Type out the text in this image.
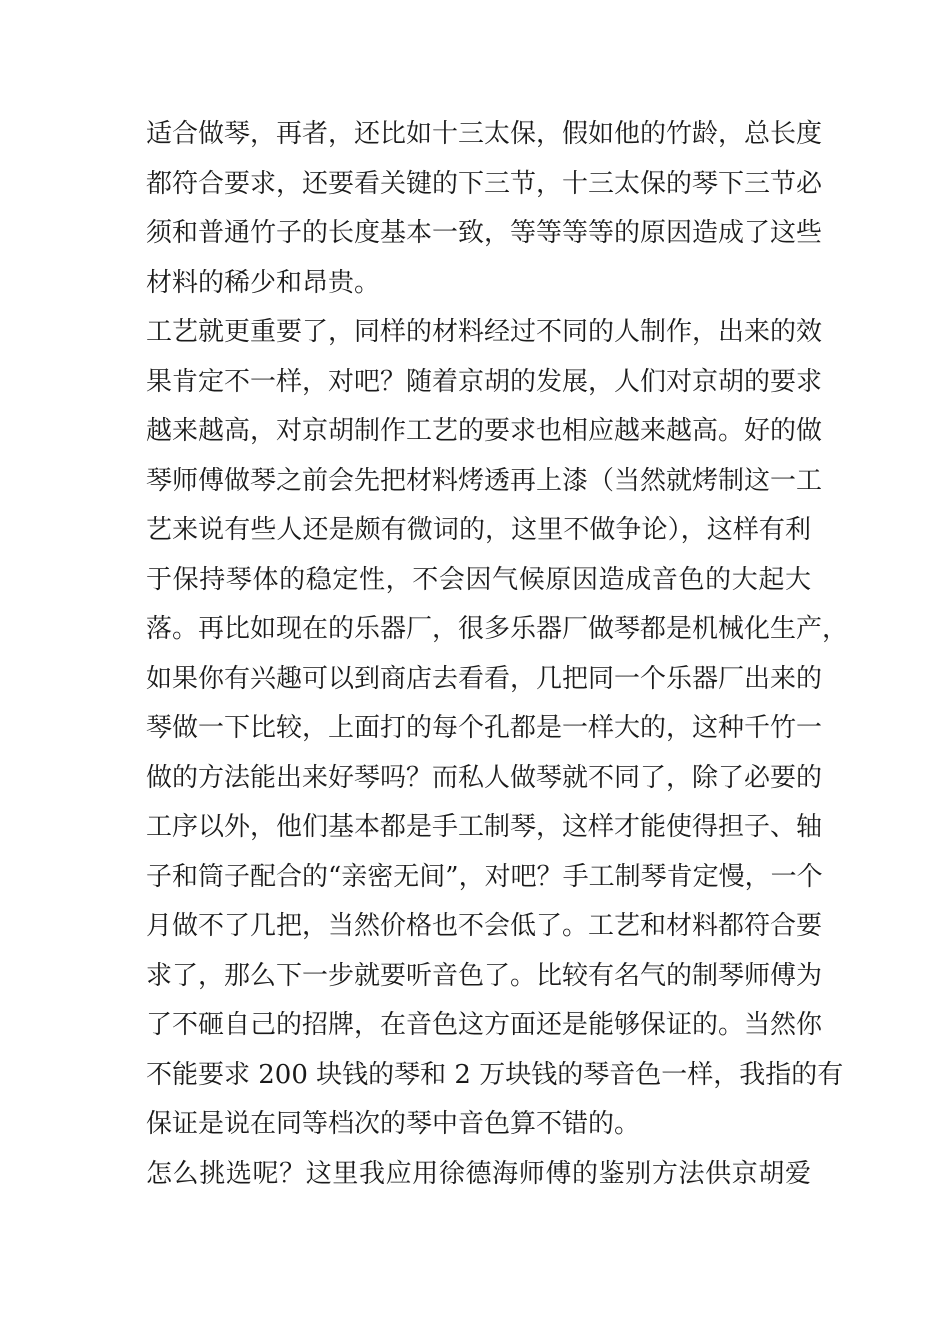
适合做琴，再者，还比如十三太保，假如他的竹龄，总长度
都符合要求，还要看关键的下三节，十三太保的琴下三节必
须和普通竹子的长度基本一致，等等等等的原因造成了这些
材料的稀少和昂贵。
工艺就更重要了，同样的材料经过不同的人制作，出来的效
果肯定不一样，对吧？随着京胡的发展，人们对京胡的要求
越来越高，对京胡制作工艺的要求也相应越来越高。好的做
琴师傅做琴之前会先把材料烤透再上漆（当然就烤制这一工
艺来说有些人还是颇有微词的，这里不做争论），这样有利
于保持琴体的稳定性，不会因气候原因造成音色的大起大
落。再比如现在的乐器厂，很多乐器厂做琴都是机械化生产，
如果你有兴趣可以到商店去看看，几把同一个乐器厂出来的
琴做一下比较，上面打的每个孔都是一样大的，这种千竹一
做的方法能出来好琴吗？而私人做琴就不同了，除了必要的
工序以外，他们基本都是手工制琴，这样才能使得担子、轴
子和筒子配合的“亲密无间”，对吧？手工制琴肯定慢，一个
月做不了几把，当然价格也不会低了。工艺和材料都符合要
求了，那么下一步就要听音色了。比较有名气的制琴师傅为
了不砸自己的招牌，在音色这方面还是能够保证的。当然你
不能要求 200 块钱的琴和 2 万块钱的琴音色一样，我指的有
保证是说在同等档次的琴中音色算不错的。
怎么挑选呢？这里我应用徐德海师傅的鉴别方法供京胡爱
